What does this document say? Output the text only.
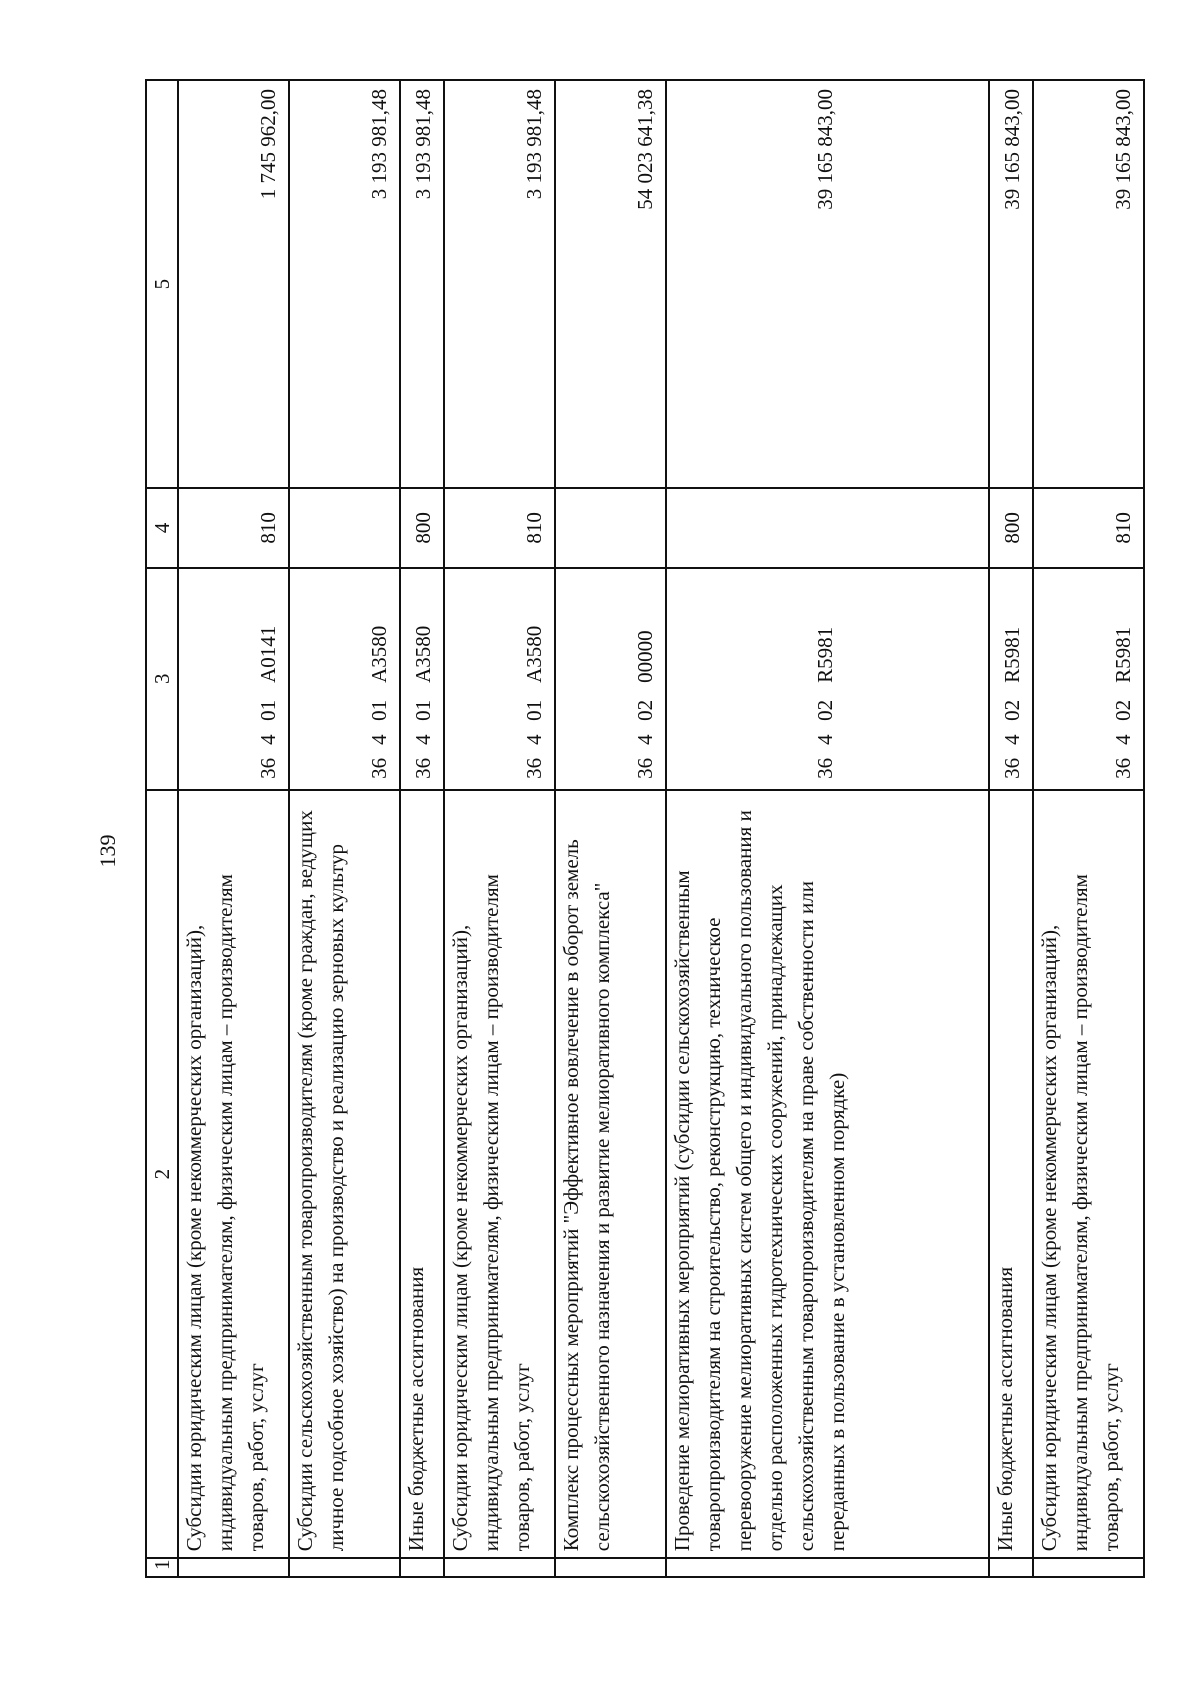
139
1	2	3	4	5
	Субсидии юридическим лицам (кроме некоммерческих организаций), индивидуальным предпринимателям, физическим лицам – производителям товаров, работ, услуг	36401A0141	810	1 745 962,00
	Субсидии сельскохозяйственным товаропроизводителям (кроме граждан, ведущих личное подсобное хозяйство) на производство и реализацию зерновых культур	36401A3580		3 193 981,48
	Иные бюджетные ассигнования	36401A3580	800	3 193 981,48
	Субсидии юридическим лицам (кроме некоммерческих организаций), индивидуальным предпринимателям, физическим лицам – производителям товаров, работ, услуг	36401A3580	810	3 193 981,48
	Комплекс процессных мероприятий "Эффективное вовлечение в оборот земель сельскохозяйственного назначения и развитие мелиоративного комплекса"	3640200000		54 023 641,38
	Проведение мелиоративных мероприятий (субсидии сельскохозяйственным товаропроизводителям на строительство, реконструкцию, техническое перевооружение мелиоративных систем общего и индивидуального пользования и отдельно расположенных гидротехнических сооружений, принадлежащих сельскохозяйственным товаропроизводителям на праве собственности или переданных в пользование в установленном порядке)	36402R5981		39 165 843,00
	Иные бюджетные ассигнования	36402R5981	800	39 165 843,00
	Субсидии юридическим лицам (кроме некоммерческих организаций), индивидуальным предпринимателям, физическим лицам – производителям товаров, работ, услуг	36402R5981	810	39 165 843,00
